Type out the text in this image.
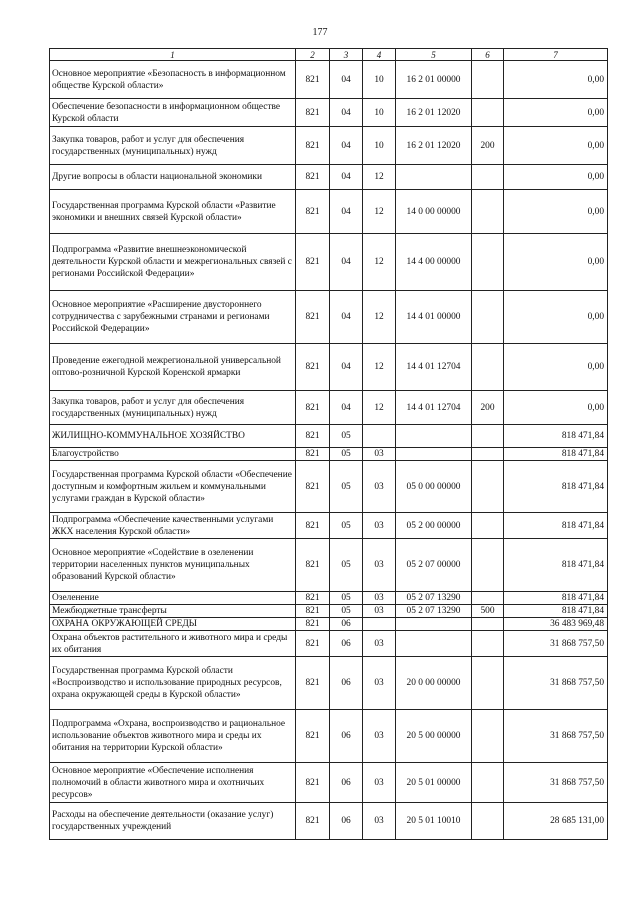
177
1	2	3	4	5	6	7
Основное мероприятие «Безопасность в информационном обществе Курской области»	821	04	10	16 2 01 00000		0,00
Обеспечение безопасности в информационном обществе Курской области	821	04	10	16 2 01 12020		0,00
Закупка товаров, работ и услуг для обеспечения государственных (муниципальных) нужд	821	04	10	16 2 01 12020	200	0,00
Другие вопросы в области национальной экономики	821	04	12			0,00
Государственная программа Курской области «Развитие экономики и внешних связей Курской области»	821	04	12	14 0 00 00000		0,00
Подпрограмма «Развитие внешнеэкономической деятельности Курской области и межрегиональных связей с регионами Российской Федерации»	821	04	12	14 4 00 00000		0,00
Основное мероприятие «Расширение двустороннего сотрудничества с зарубежными странами и регионами Российской Федерации»	821	04	12	14 4 01 00000		0,00
Проведение ежегодной межрегиональной универсальной оптово-розничной Курской Коренской ярмарки	821	04	12	14 4 01 12704		0,00
Закупка товаров, работ и услуг для обеспечения государственных (муниципальных) нужд	821	04	12	14 4 01 12704	200	0,00
ЖИЛИЩНО-КОММУНАЛЬНОЕ ХОЗЯЙСТВО	821	05				818 471,84
Благоустройство	821	05	03			818 471,84
Государственная программа Курской области «Обеспечение доступным и комфортным жильем и коммунальными услугами граждан в Курской области»	821	05	03	05 0 00 00000		818 471,84
Подпрограмма «Обеспечение качественными услугами ЖКХ населения Курской области»	821	05	03	05 2 00 00000		818 471,84
Основное мероприятие «Содействие в озеленении территории населенных пунктов муниципальных образований Курской области»	821	05	03	05 2 07 00000		818 471,84
Озеленение	821	05	03	05 2 07 13290		818 471,84
Межбюджетные трансферты	821	05	03	05 2 07 13290	500	818 471,84
ОХРАНА ОКРУЖАЮЩЕЙ СРЕДЫ	821	06				36 483 969,48
Охрана объектов растительного и животного мира и среды их обитания	821	06	03			31 868 757,50
Государственная программа Курской области «Воспроизводство и использование природных ресурсов, охрана окружающей среды в Курской области»	821	06	03	20 0 00 00000		31 868 757,50
Подпрограмма «Охрана, воспроизводство и рациональное использование объектов животного мира и среды их обитания на территории Курской области»	821	06	03	20 5 00 00000		31 868 757,50
Основное мероприятие «Обеспечение исполнения полномочий в области животного мира и охотничьих ресурсов»	821	06	03	20 5 01 00000		31 868 757,50
Расходы на обеспечение деятельности (оказание услуг) государственных учреждений	821	06	03	20 5 01 10010		28 685 131,00
